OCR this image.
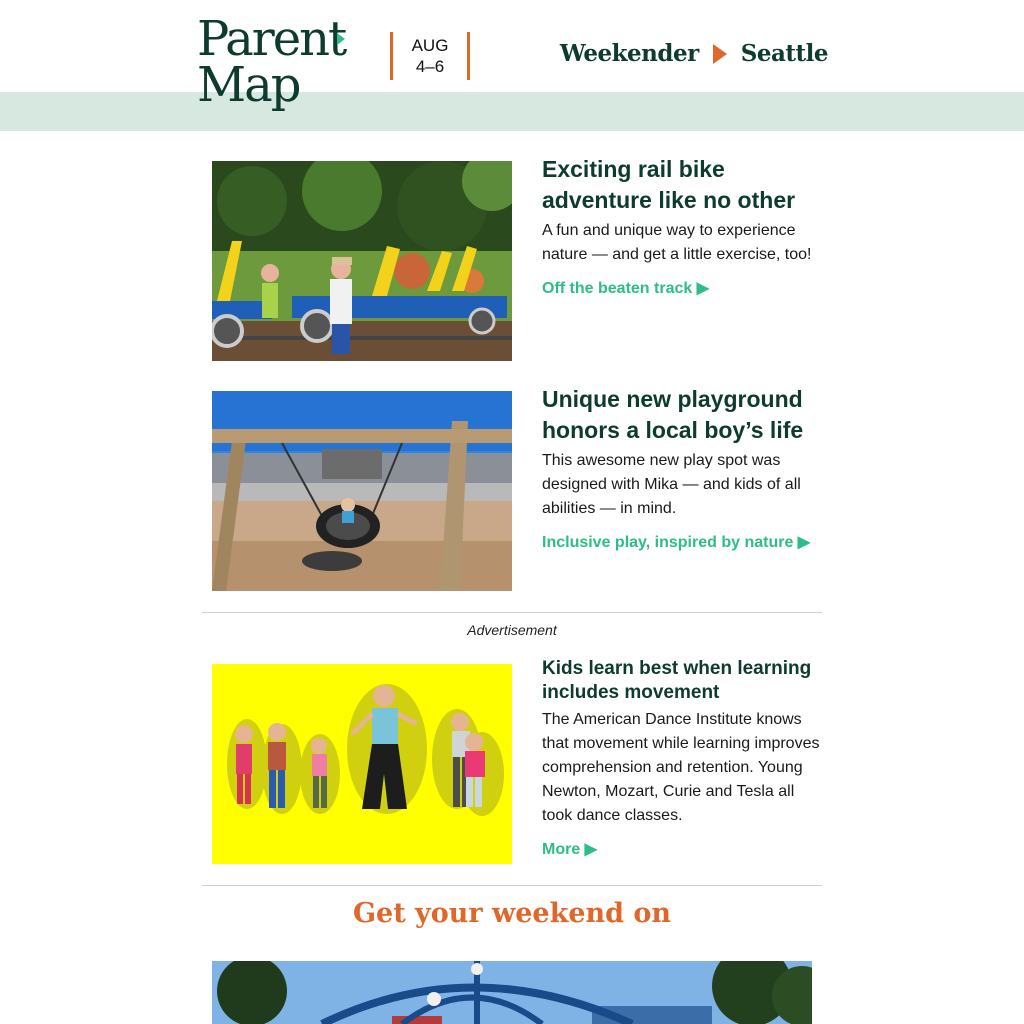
Parent
Map
AUG
4–6	Weekender Seattle
Exciting rail bike adventure like no other
A fun and unique way to experience nature — and get a little exercise, too!
Off the beaten track ▶
Unique new playground honors a local boy’s life
This awesome new play spot was designed with Mika — and kids of all abilities — in mind.
Inclusive play, inspired by nature ▶
Advertisement
Kids learn best when learning includes movement
The American Dance Institute knows that movement while learning improves comprehension and retention. Young Newton, Mozart, Curie and Tesla all took dance classes.
More ▶
Get your weekend on
